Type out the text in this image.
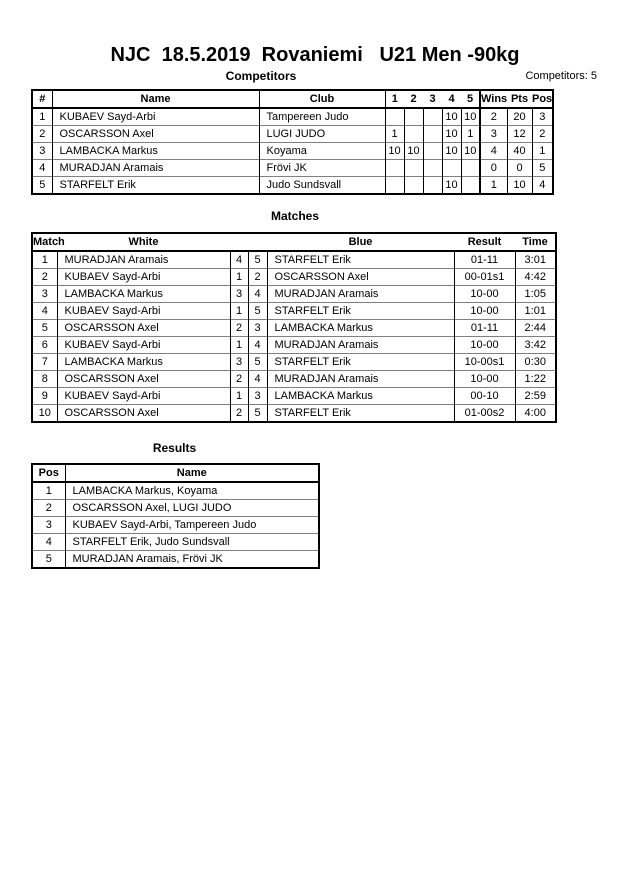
NJC  18.5.2019  Rovaniemi   U21 Men -90kg
Competitors	Competitors: 5
#	Name	Club	1	2	3	4	5	Wins	Pts	Pos
1	KUBAEV Sayd-Arbi	Tampereen Judo				10	10	2	20	3
2	OSCARSSON Axel	LUGI JUDO	1			10	1	3	12	2
3	LAMBACKA Markus	Koyama	10	10		10	10	4	40	1
4	MURADJAN Aramais	Frövi JK						0	0	5
5	STARFELT Erik	Judo Sundsvall				10		1	10	4
Matches
Match	White			Blue	Result	Time
1	MURADJAN Aramais	4	5	STARFELT Erik	01-11	3:01
2	KUBAEV Sayd-Arbi	1	2	OSCARSSON Axel	00-01s1	4:42
3	LAMBACKA Markus	3	4	MURADJAN Aramais	10-00	1:05
4	KUBAEV Sayd-Arbi	1	5	STARFELT Erik	10-00	1:01
5	OSCARSSON Axel	2	3	LAMBACKA Markus	01-11	2:44
6	KUBAEV Sayd-Arbi	1	4	MURADJAN Aramais	10-00	3:42
7	LAMBACKA Markus	3	5	STARFELT Erik	10-00s1	0:30
8	OSCARSSON Axel	2	4	MURADJAN Aramais	10-00	1:22
9	KUBAEV Sayd-Arbi	1	3	LAMBACKA Markus	00-10	2:59
10	OSCARSSON Axel	2	5	STARFELT Erik	01-00s2	4:00
Results
Pos	Name
1	LAMBACKA Markus, Koyama
2	OSCARSSON Axel, LUGI JUDO
3	KUBAEV Sayd-Arbi, Tampereen Judo
4	STARFELT Erik, Judo Sundsvall
5	MURADJAN Aramais, Frövi JK
